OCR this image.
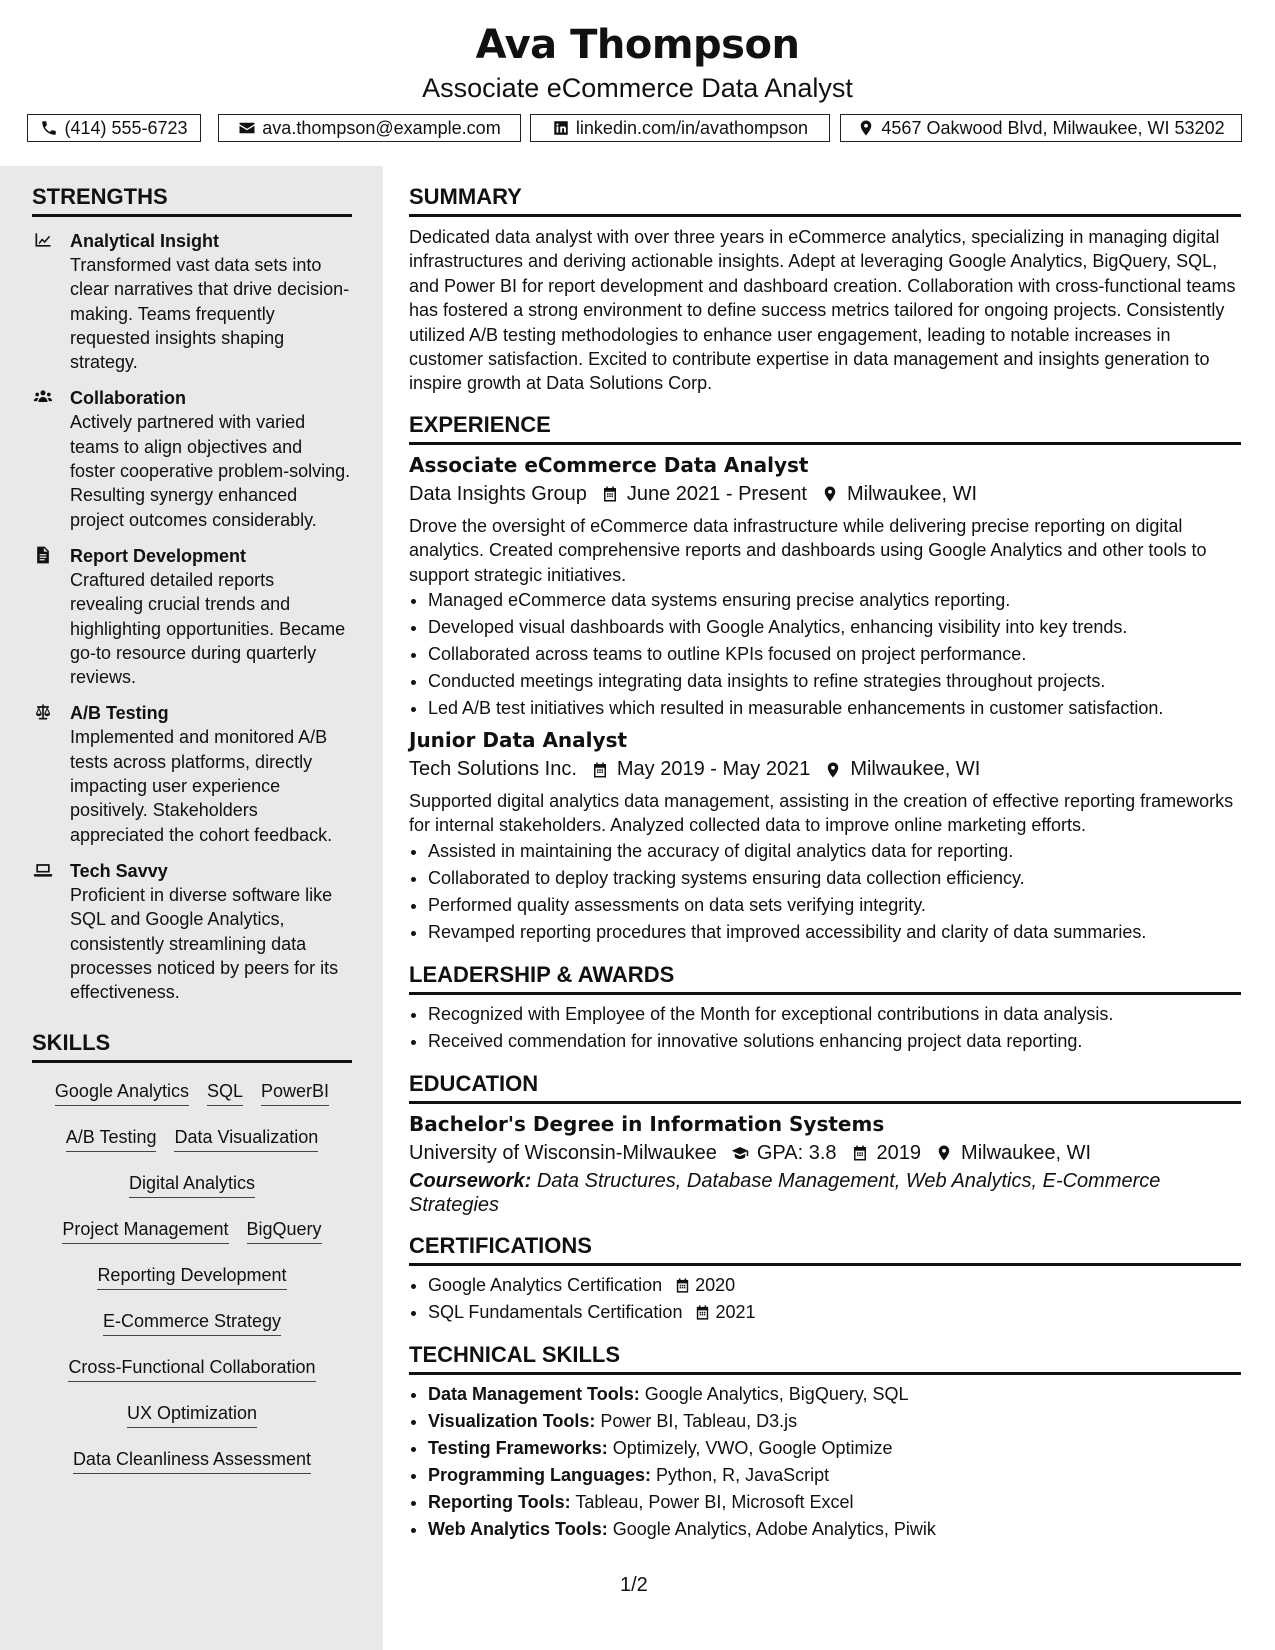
Ava Thompson
Associate eCommerce Data Analyst
(414) 555-6723	ava.thompson@example.com	linkedin.com/in/avathompson	4567 Oakwood Blvd, Milwaukee, WI 53202
STRENGTHS
Analytical Insight
Transformed vast data sets into clear narratives that drive decision-making. Teams frequently requested insights shaping strategy.
Collaboration
Actively partnered with varied teams to align objectives and foster cooperative problem-solving. Resulting synergy enhanced project outcomes considerably.
Report Development
Craftured detailed reports revealing crucial trends and highlighting opportunities. Became go-to resource during quarterly reviews.
A/B Testing
Implemented and monitored A/B tests across platforms, directly impacting user experience positively. Stakeholders appreciated the cohort feedback.
Tech Savvy
Proficient in diverse software like SQL and Google Analytics, consistently streamlining data processes noticed by peers for its effectiveness.
SKILLS
Google Analytics SQL PowerBI
A/B Testing Data Visualization
Digital Analytics
Project Management BigQuery
Reporting Development
E-Commerce Strategy
Cross-Functional Collaboration
UX Optimization
Data Cleanliness Assessment
SUMMARY

Dedicated data analyst with over three years in eCommerce analytics, specializing in managing digital infrastructures and deriving actionable insights. Adept at leveraging Google Analytics, BigQuery, SQL, and Power BI for report development and dashboard creation. Collaboration with cross-functional teams has fostered a strong environment to define success metrics tailored for ongoing projects. Consistently utilized A/B testing methodologies to enhance user engagement, leading to notable increases in customer satisfaction. Excited to contribute expertise in data management and insights generation to inspire growth at Data Solutions Corp.

EXPERIENCE
Associate eCommerce Data Analyst
Data Insights Group June 2021 - Present Milwaukee, WI

Drove the oversight of eCommerce data infrastructure while delivering precise reporting on digital analytics. Created comprehensive reports and dashboards using Google Analytics and other tools to support strategic initiatives.

• Managed eCommerce data systems ensuring precise analytics reporting.
• Developed visual dashboards with Google Analytics, enhancing visibility into key trends.
• Collaborated across teams to outline KPIs focused on project performance.
• Conducted meetings integrating data insights to refine strategies throughout projects.
• Led A/B test initiatives which resulted in measurable enhancements in customer satisfaction.
Junior Data Analyst
Tech Solutions Inc. May 2019 - May 2021 Milwaukee, WI

Supported digital analytics data management, assisting in the creation of effective reporting frameworks for internal stakeholders. Analyzed collected data to improve online marketing efforts.

• Assisted in maintaining the accuracy of digital analytics data for reporting.
• Collaborated to deploy tracking systems ensuring data collection efficiency.
• Performed quality assessments on data sets verifying integrity.
• Revamped reporting procedures that improved accessibility and clarity of data summaries.
LEADERSHIP & AWARDS
• Recognized with Employee of the Month for exceptional contributions in data analysis.
• Received commendation for innovative solutions enhancing project data reporting.
EDUCATION
Bachelor's Degree in Information Systems
University of Wisconsin-Milwaukee GPA: 3.8 2019 Milwaukee, WI

Coursework: Data Structures, Database Management, Web Analytics, E-Commerce Strategies

CERTIFICATIONS
• Google Analytics Certification 2020
• SQL Fundamentals Certification 2021
TECHNICAL SKILLS
• Data Management Tools: Google Analytics, BigQuery, SQL
• Visualization Tools: Power BI, Tableau, D3.js
• Testing Frameworks: Optimizely, VWO, Google Optimize
• Programming Languages: Python, R, JavaScript
• Reporting Tools: Tableau, Power BI, Microsoft Excel
• Web Analytics Tools: Google Analytics, Adobe Analytics, Piwik
1/2
